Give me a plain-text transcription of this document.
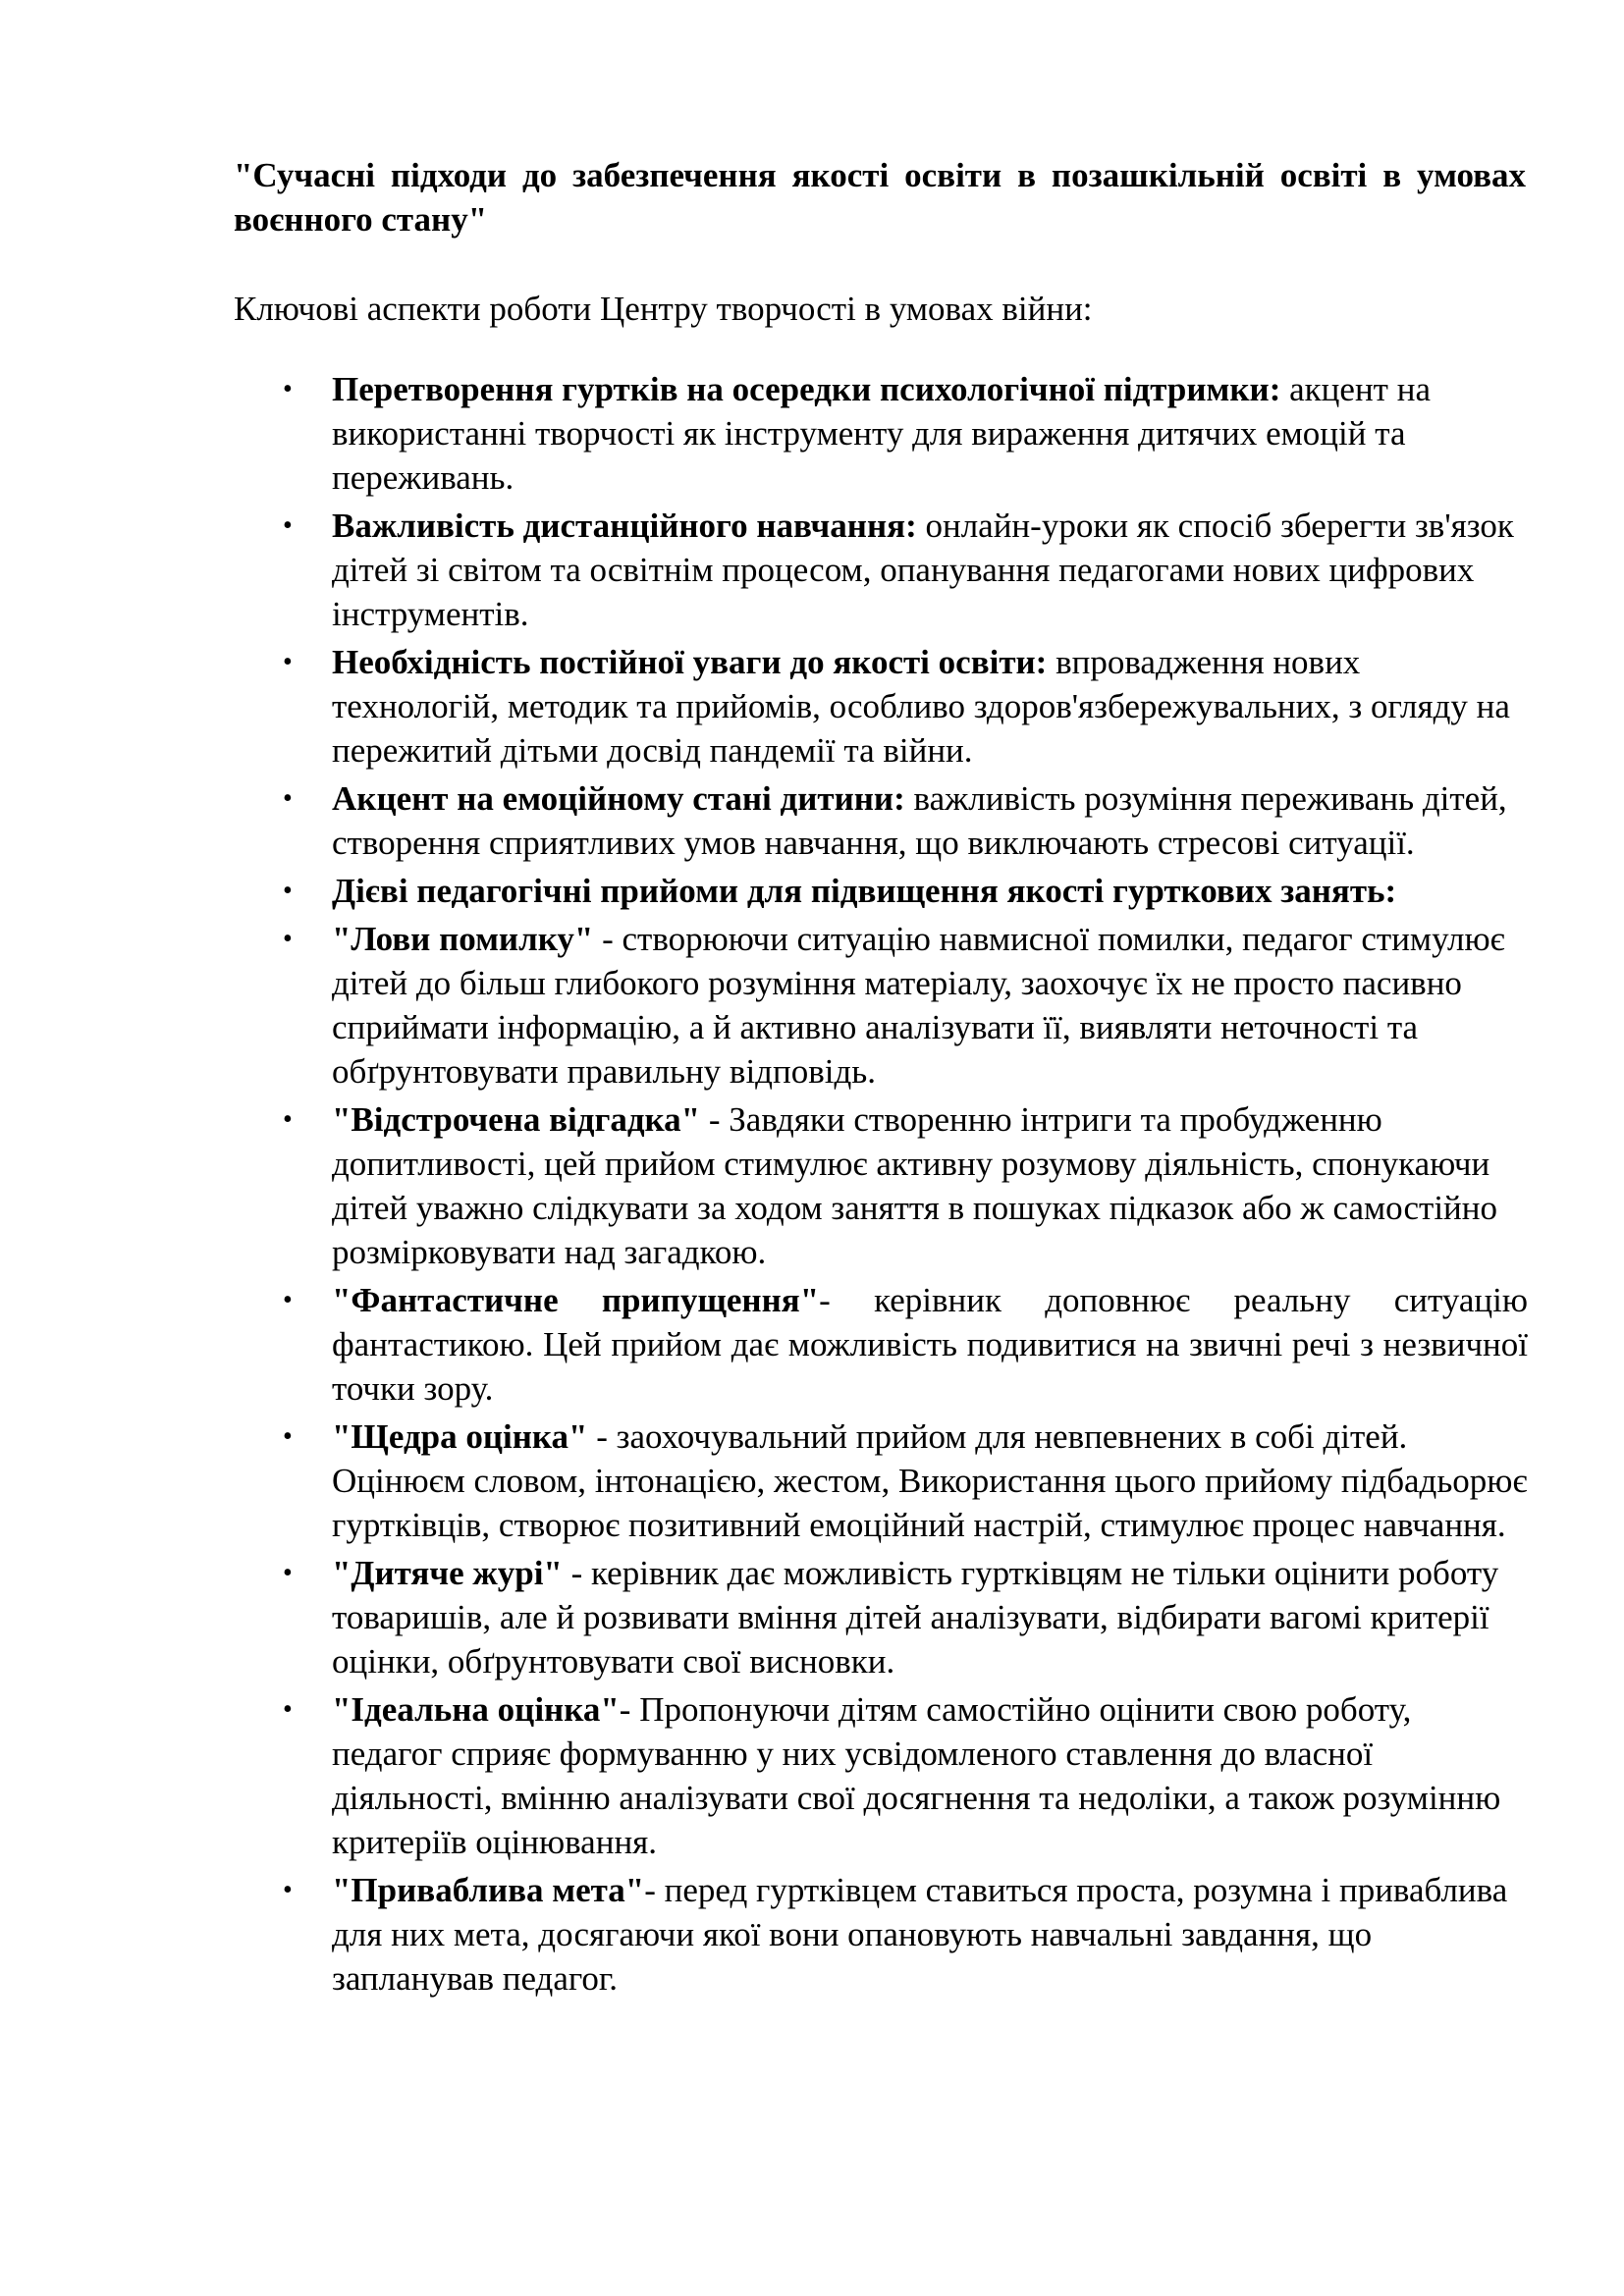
"Сучасні підходи до забезпечення якості освіти в позашкільній освіті в умовах воєнного стану"

Ключові аспекти роботи Центру творчості в умовах війни:

• Перетворення гуртків на осередки психологічної підтримки: акцент на використанні творчості як інструменту для вираження дитячих емоцій та переживань.
• Важливість дистанційного навчання: онлайн-уроки як спосіб зберегти зв'язок дітей зі світом та освітнім процесом, опанування педагогами нових цифрових інструментів.
• Необхідність постійної уваги до якості освіти: впровадження нових технологій, методик та прийомів, особливо здоров'язбережувальних, з огляду на пережитий дітьми досвід пандемії та війни.
• Акцент на емоційному стані дитини: важливість розуміння переживань дітей, створення сприятливих умов навчання, що виключають стресові ситуації.
• Дієві педагогічні прийоми для підвищення якості гурткових занять:
• "Лови помилку" - створюючи ситуацію навмисної помилки, педагог стимулює дітей до більш глибокого розуміння матеріалу, заохочує їх не просто пасивно сприймати інформацію, а й активно аналізувати її, виявляти неточності та обґрунтовувати правильну відповідь.
• "Відстрочена відгадка" - Завдяки створенню інтриги та пробудженню допитливості, цей прийом стимулює активну розумову діяльність, спонукаючи дітей уважно слідкувати за ходом заняття в пошуках підказок або ж самостійно розмірковувати над загадкою.
• "Фантастичне припущення"- керівник доповнює реальну ситуацію фантастикою. Цей прийом дає можливість подивитися на звичні речі з незвичної точки зору.
• "Щедра оцінка" - заохочувальний прийом для невпевнених в собі дітей. Оцінюєм словом, інтонацією, жестом, Використання цього прийому підбадьорює гуртківців, створює позитивний емоційний настрій, стимулює процес навчання.
• "Дитяче журі" - керівник дає можливість гуртківцям не тільки оцінити роботу товаришів, але й розвивати вміння дітей аналізувати, відбирати вагомі критерії оцінки, обґрунтовувати свої висновки.
• "Ідеальна оцінка"- Пропонуючи дітям самостійно оцінити свою роботу, педагог сприяє формуванню у них усвідомленого ставлення до власної діяльності, вмінню аналізувати свої досягнення та недоліки, а також розумінню критеріїв оцінювання.
• "Приваблива мета"- перед гуртківцем ставиться проста, розумна і приваблива для них мета, досягаючи якої вони опановують навчальні завдання, що запланував педагог.
